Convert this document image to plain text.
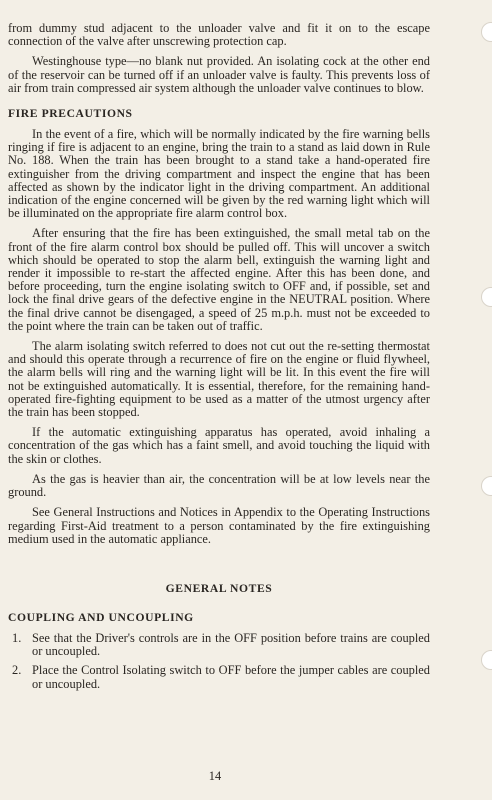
from dummy stud adjacent to the unloader valve and fit it on to the escape connection of the valve after unscrewing protection cap.

Westinghouse type—no blank nut provided. An isolating cock at the other end of the reservoir can be turned off if an unloader valve is faulty. This prevents loss of air from train compressed air system although the unloader valve continues to blow.

FIRE PRECAUTIONS

In the event of a fire, which will be normally indicated by the fire warning bells ringing if fire is adjacent to an engine, bring the train to a stand as laid down in Rule No. 188. When the train has been brought to a stand take a hand-operated fire extinguisher from the driving compartment and inspect the engine that has been affected as shown by the indicator light in the driving compartment. An additional indication of the engine concerned will be given by the red warning light which will be illuminated on the appropriate fire alarm control box.

After ensuring that the fire has been extinguished, the small metal tab on the front of the fire alarm control box should be pulled off. This will uncover a switch which should be operated to stop the alarm bell, extinguish the warning light and render it impossible to re-start the affected engine. After this has been done, and before proceeding, turn the engine isolating switch to OFF and, if possible, set and lock the final drive gears of the defective engine in the NEUTRAL position. Where the final drive cannot be disengaged, a speed of 25 m.p.h. must not be exceeded to the point where the train can be taken out of traffic.

The alarm isolating switch referred to does not cut out the re-setting thermostat and should this operate through a recurrence of fire on the engine or fluid flywheel, the alarm bells will ring and the warning light will be lit. In this event the fire will not be extinguished automatically. It is essential, therefore, for the remaining hand-operated fire-fighting equipment to be used as a matter of the utmost urgency after the train has been stopped.

If the automatic extinguishing apparatus has operated, avoid inhaling a concentration of the gas which has a faint smell, and avoid touching the liquid with the skin or clothes.

As the gas is heavier than air, the concentration will be at low levels near the ground.

See General Instructions and Notices in Appendix to the Operating Instructions regarding First-Aid treatment to a person contaminated by the fire extinguishing medium used in the automatic appliance.

GENERAL NOTES
COUPLING AND UNCOUPLING
1. See that the Driver's controls are in the OFF position before trains are coupled or uncoupled.
2. Place the Control Isolating switch to OFF before the jumper cables are coupled or uncoupled.
14
